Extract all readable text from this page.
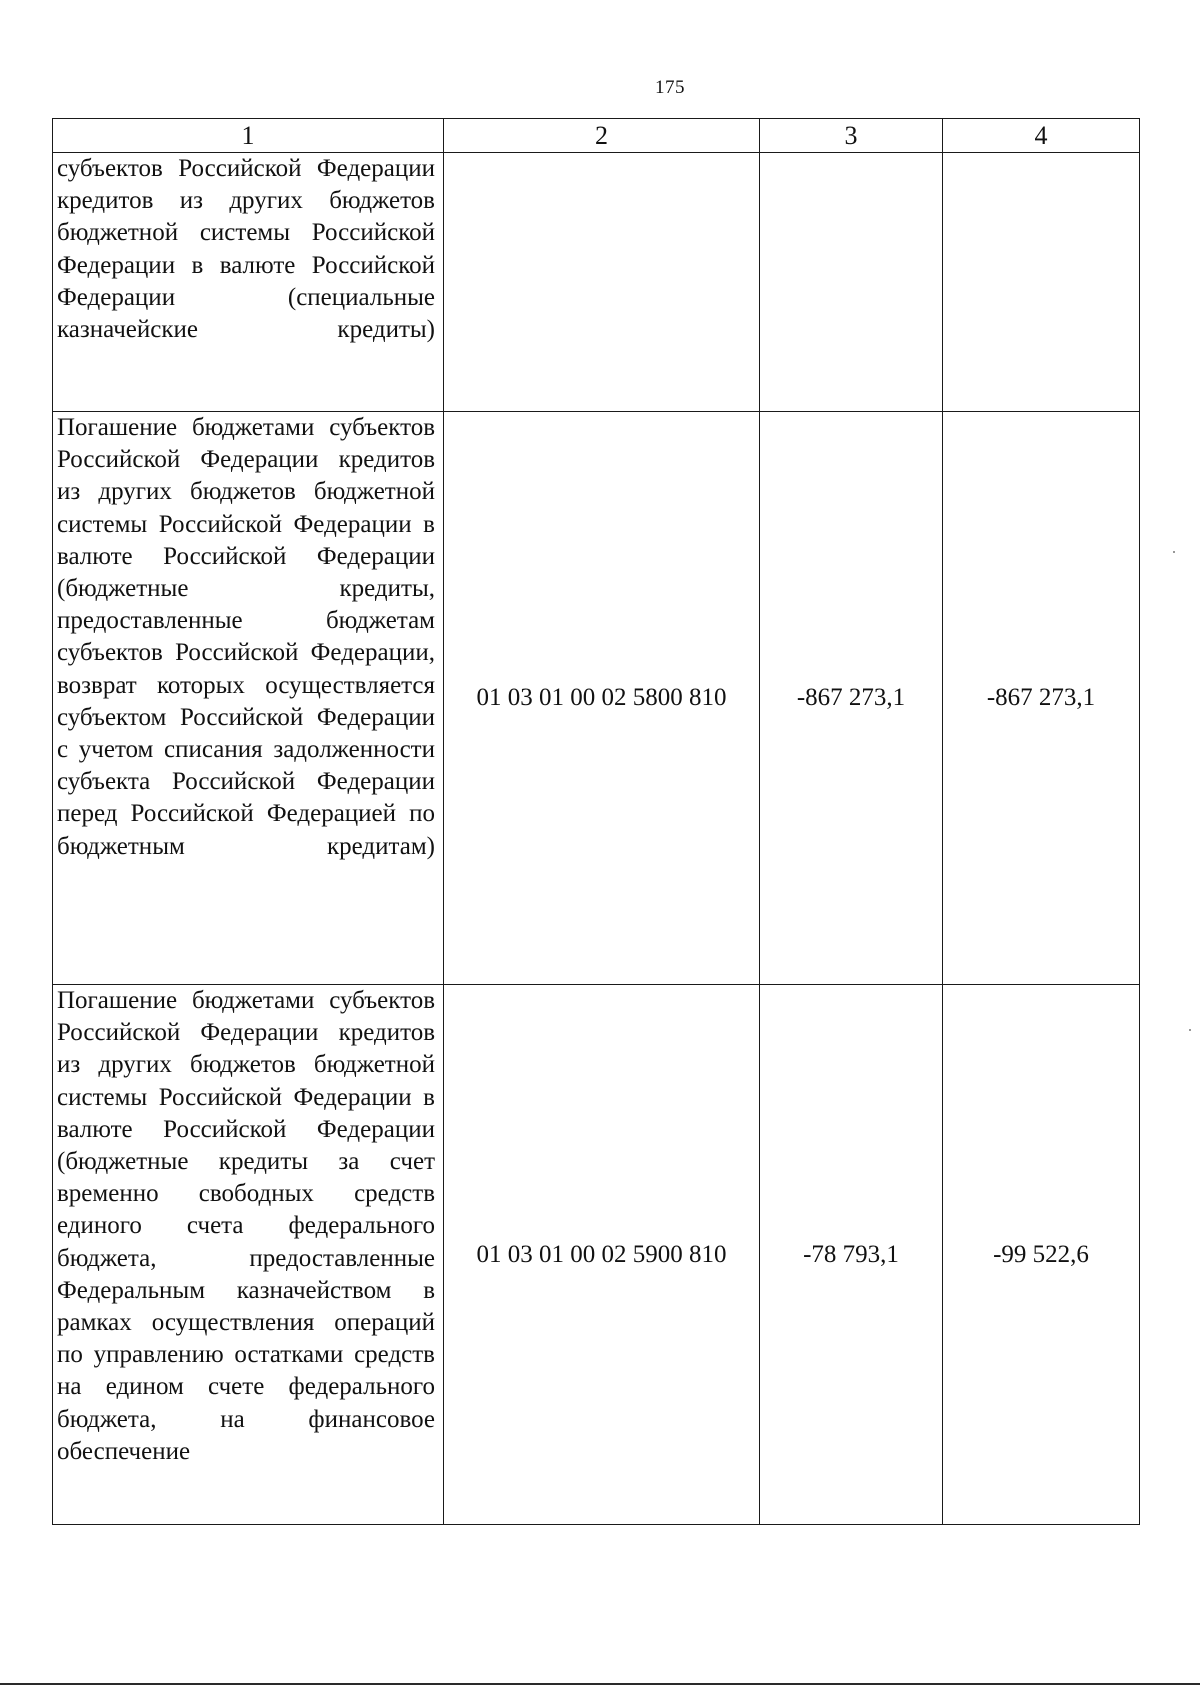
175
1	2	3	4
субъектов Российской Федерации кредитов из других бюджетов бюджетной системы Российской Федерации в валюте Российской Федерации (специальные казначейские кредиты)			
Погашение бюджетами субъектов Российской Федерации кредитов из других бюджетов бюджетной системы Российской Федерации в валюте Российской Федерации (бюджетные кредиты, предоставленные бюджетам субъектов Российской Федерации, возврат которых осуществляется субъектом Российской Федерации с учетом списания задолженности субъекта Российской Федерации перед Российской Федерацией по бюджетным кредитам)	01 03 01 00 02 5800 810	-867 273,1	-867 273,1
Погашение бюджетами субъектов Российской Федерации кредитов из других бюджетов бюджетной системы Российской Федерации в валюте Российской Федерации (бюджетные кредиты за счет временно свободных средств единого счета федерального бюджета, предоставленные Федеральным казначейством в рамках осуществления операций по управлению остатками средств на едином счете федерального бюджета, на финансовое обеспечение	01 03 01 00 02 5900 810	-78 793,1	-99 522,6
